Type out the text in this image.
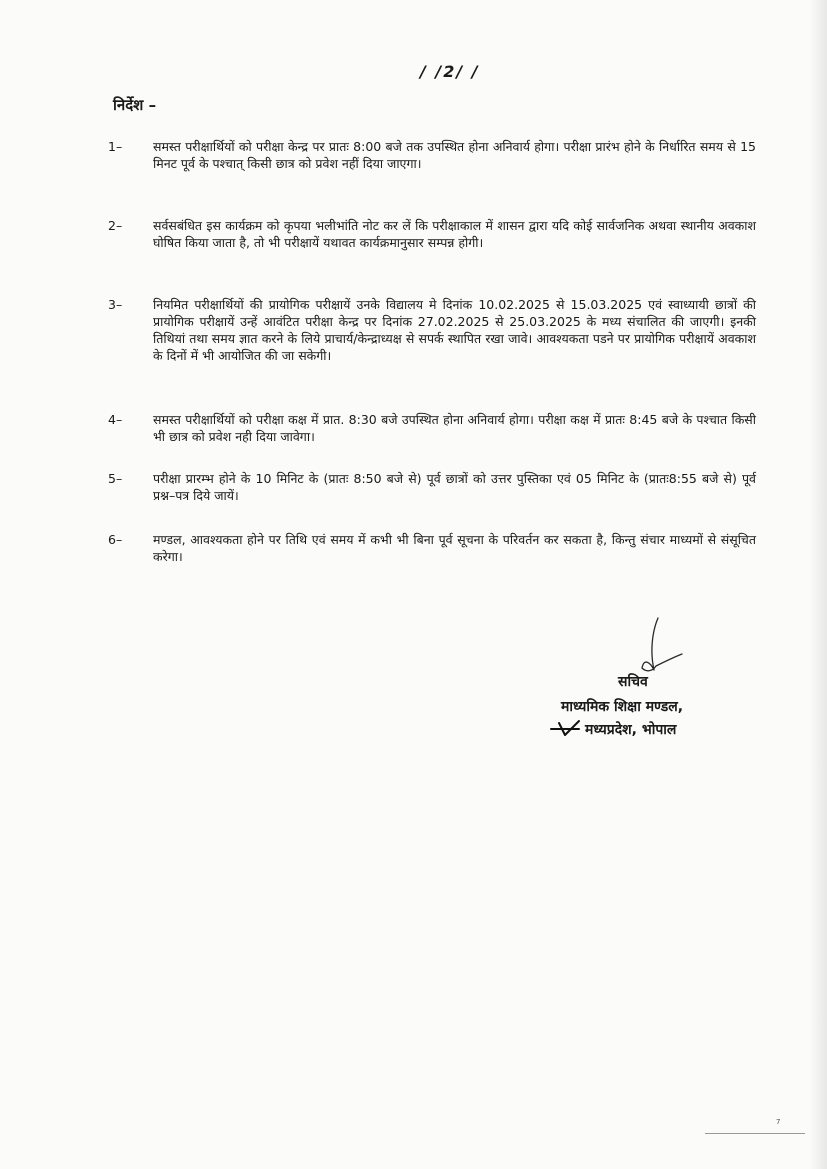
/ /2/ /
निर्देश –
1–	समस्त परीक्षार्थियों को परीक्षा केन्द्र पर प्रातः 8:00 बजे तक उपस्थित होना अनिवार्य होगा। परीक्षा प्रारंभ होने के निर्धारित समय से 15 मिनट पूर्व के पश्चात् किसी छात्र को प्रवेश नहीं दिया जाएगा।
2–	सर्वसबंधित इस कार्यक्रम को कृपया भलीभांति नोट कर लें कि परीक्षाकाल में शासन द्वारा यदि कोई सार्वजनिक अथवा स्थानीय अवकाश घोषित किया जाता है, तो भी परीक्षायें यथावत कार्यक्रमानुसार सम्पन्न होगी।
3–	नियमित परीक्षार्थियों की प्रायोगिक परीक्षायें उनके विद्यालय मे दिनांक 10.02.2025 से 15.03.2025 एवं स्वाध्यायी छात्रों की प्रायोगिक परीक्षायें उन्हें आवंटित परीक्षा केन्द्र पर दिनांक 27.02.2025 से 25.03.2025 के मध्य संचालित की जाएगी। इनकी तिथियां तथा समय ज्ञात करने के लिये प्राचार्य/केन्द्राध्यक्ष से सपर्क स्थापित रखा जावे। आवश्यकता पडने पर प्रायोगिक परीक्षायें अवकाश के दिनों में भी आयोजित की जा सकेगी।
4–	समस्त परीक्षार्थियों को परीक्षा कक्ष में प्रात. 8:30 बजे उपस्थित होना अनिवार्य होगा। परीक्षा कक्ष में प्रातः 8:45 बजे के पश्चात किसी भी छात्र को प्रवेश नही दिया जावेगा।
5–	परीक्षा प्रारम्भ होने के 10 मिनिट के (प्रातः 8:50 बजे से) पूर्व छात्रों को उत्तर पुस्तिका एवं 05 मिनिट के (प्रातः8:55 बजे से) पूर्व प्रश्न–पत्र दिये जायें।
6–	मण्डल, आवश्यकता होने पर तिथि एवं समय में कभी भी बिना पूर्व सूचना के परिवर्तन कर सकता है, किन्तु संचार माध्यमों से संसूचित करेगा।
सचिव
माध्यमिक शिक्षा मण्डल,
मध्यप्रदेश, भोपाल
7
